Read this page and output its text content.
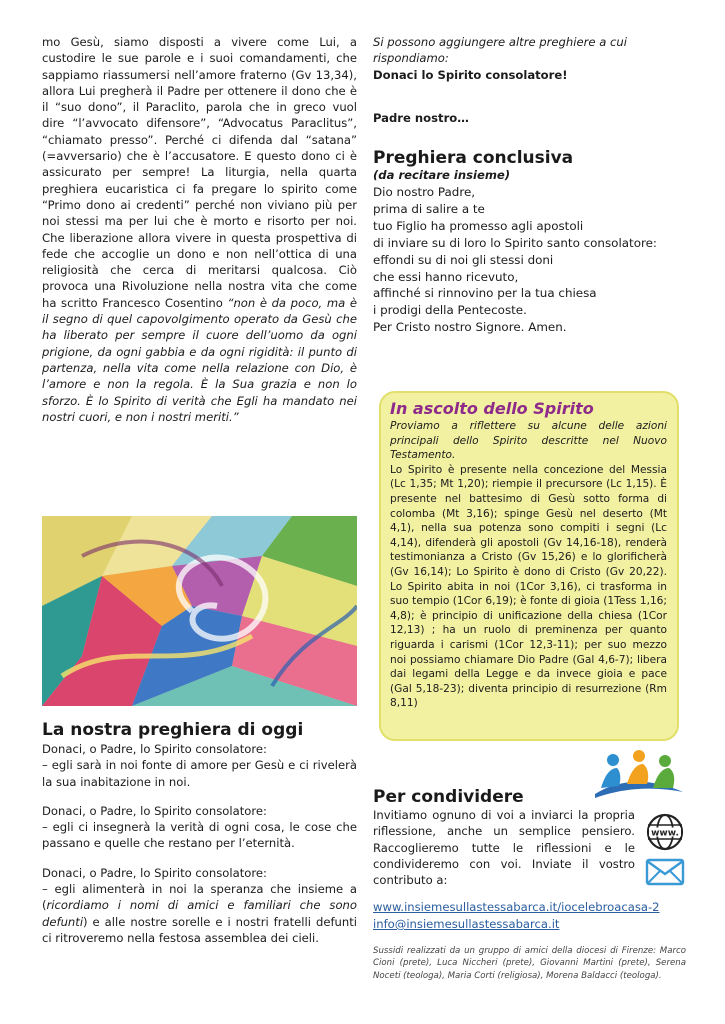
mo Gesù, siamo disposti a vivere come Lui, a custodire le sue parole e i suoi comandamenti, che sappiamo riassumersi nell’amore fraterno (Gv 13,34), allora Lui pregherà il Padre per ottenere il dono che è il “suo dono”, il Paraclito, parola che in greco vuol dire “l’avvocato difensore”, “Advocatus Paraclitus”, “chiamato presso”. Perché ci difenda dal “satana” (=avversario) che è l’accusatore. E questo dono ci è assicurato per sempre! La liturgia, nella quarta preghiera eucaristica ci fa pregare lo spirito come “Primo dono ai credenti” perché non viviano più per noi stessi ma per lui che è morto e risorto per noi. Che liberazione allora vivere in questa prospettiva di fede che accoglie un dono e non nell’ottica di una religiosità che cerca di meritarsi qualcosa. Ciò provoca una Rivoluzione nella nostra vita che come ha scritto Francesco Cosentino “non è da poco, ma è il segno di quel capovolgimento operato da Gesù che ha liberato per sempre il cuore dell’uomo da ogni prigione, da ogni gabbia e da ogni rigidità: il punto di partenza, nella vita come nella relazione con Dio, è l’amore e non la regola. È la Sua grazia e non lo sforzo. È lo Spirito di verità che Egli ha mandato nei nostri cuori, e non i nostri meriti.”

La nostra preghiera di oggi

Donaci, o Padre, lo Spirito consolatore:
– egli sarà in noi fonte di amore per Gesù e ci rivelerà la sua inabitazione in noi.

Donaci, o Padre, lo Spirito consolatore:
– egli ci insegnerà la verità di ogni cosa, le cose che passano e quelle che restano per l’eternità.

Donaci, o Padre, lo Spirito consolatore:
– egli alimenterà in noi la speranza che insieme a (ricordiamo i nomi di amici e familiari che sono defunti) e alle nostre sorelle e i nostri fratelli defunti ci ritroveremo nella festosa assemblea dei cieli.

Si possono aggiungere altre preghiere a cui rispondiamo:

Donaci lo Spirito consolatore!

Padre nostro…

Preghiera conclusiva

(da recitare insieme)

Dio nostro Padre,
prima di salire a te
tuo Figlio ha promesso agli apostoli
di inviare su di loro lo Spirito santo consolatore:
effondi su di noi gli stessi doni
che essi hanno ricevuto,
affinché si rinnovino per la tua chiesa
i prodigi della Pentecoste.
Per Cristo nostro Signore. Amen.
In ascolto dello Spirito

Proviamo a riflettere su alcune delle azioni principali dello Spirito descritte nel Nuovo Testamento.

Lo Spirito è presente nella concezione del Messia (Lc 1,35; Mt 1,20); riempie il precursore (Lc 1,15). È presente nel battesimo di Gesù sotto forma di colomba (Mt 3,16); spinge Gesù nel deserto (Mt 4,1), nella sua potenza sono compiti i segni (Lc 4,14), difenderà gli apostoli (Gv 14,16-18), renderà testimonianza a Cristo (Gv 15,26) e lo glorificherà (Gv 16,14); Lo Spirito è dono di Cristo (Gv 20,22). Lo Spirito abita in noi (1Cor 3,16), ci trasforma in suo tempio (1Cor 6,19); è fonte di gioia (1Tess 1,16; 4,8); è principio di unificazione della chiesa (1Cor 12,13) ; ha un ruolo di preminenza per quanto riguarda i carismi (1Cor 12,3-11); per suo mezzo noi possiamo chiamare Dio Padre (Gal 4,6-7); libera dai legami della Legge e da invece gioia e pace (Gal 5,18-23); diventa principio di resurrezione (Rm 8,11)

Per condividere

Invitiamo ognuno di voi a inviarci la propria riflessione, anche un semplice pensiero. Raccoglieremo tutte le riflessioni e le condivideremo con voi. Inviate il vostro contributo a:

www.
www.insiemesullastessabarca.it/iocelebroacasa-2
info@insiemesullastessabarca.it

Sussidi realizzati da un gruppo di amici della diocesi di Firenze: Marco Cioni (prete), Luca Niccheri (prete), Giovanni Martini (prete), Serena Noceti (teologa), Maria Corti (religiosa), Morena Baldacci (teologa).
